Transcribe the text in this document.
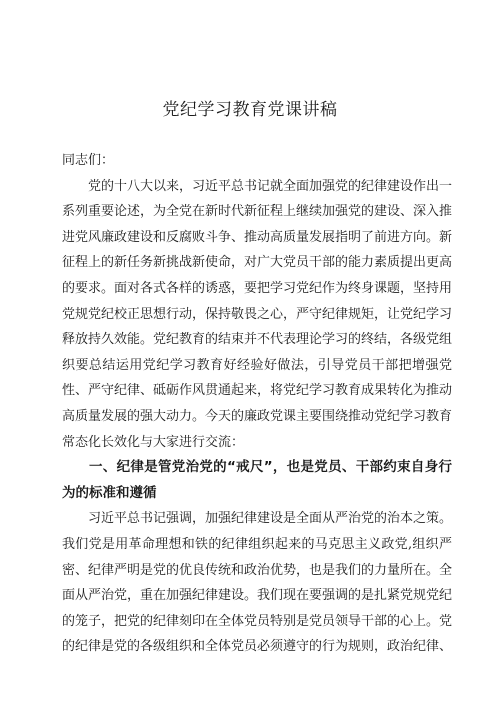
党纪学习教育党课讲稿

同志们：

党的十八大以来，习近平总书记就全面加强党的纪律建设作出一系列重要论述，为全党在新时代新征程上继续加强党的建设、深入推进党风廉政建设和反腐败斗争、推动高质量发展指明了前进方向。新征程上的新任务新挑战新使命，对广大党员干部的能力素质提出更高的要求。面对各式各样的诱惑，要把学习党纪作为终身课题，坚持用党规党纪校正思想行动，保持敬畏之心，严守纪律规矩，让党纪学习释放持久效能。党纪教育的结束并不代表理论学习的终结，各级党组织要总结运用党纪学习教育好经验好做法，引导党员干部把增强党性、严守纪律、砥砺作风贯通起来，将党纪学习教育成果转化为推动高质量发展的强大动力。今天的廉政党课主要围绕推动党纪学习教育常态化长效化与大家进行交流：

一、纪律是管党治党的“戒尺”，也是党员、干部约束自身行为的标准和遵循

习近平总书记强调，加强纪律建设是全面从严治党的治本之策。我们党是用革命理想和铁的纪律组织起来的马克思主义政党,组织严密、纪律严明是党的优良传统和政治优势，也是我们的力量所在。全面从严治党，重在加强纪律建设。我们现在要强调的是扎紧党规党纪的笼子，把党的纪律刻印在全体党员特别是党员领导干部的心上。党的纪律是党的各级组织和全体党员必须遵守的行为规则，政治纪律、
